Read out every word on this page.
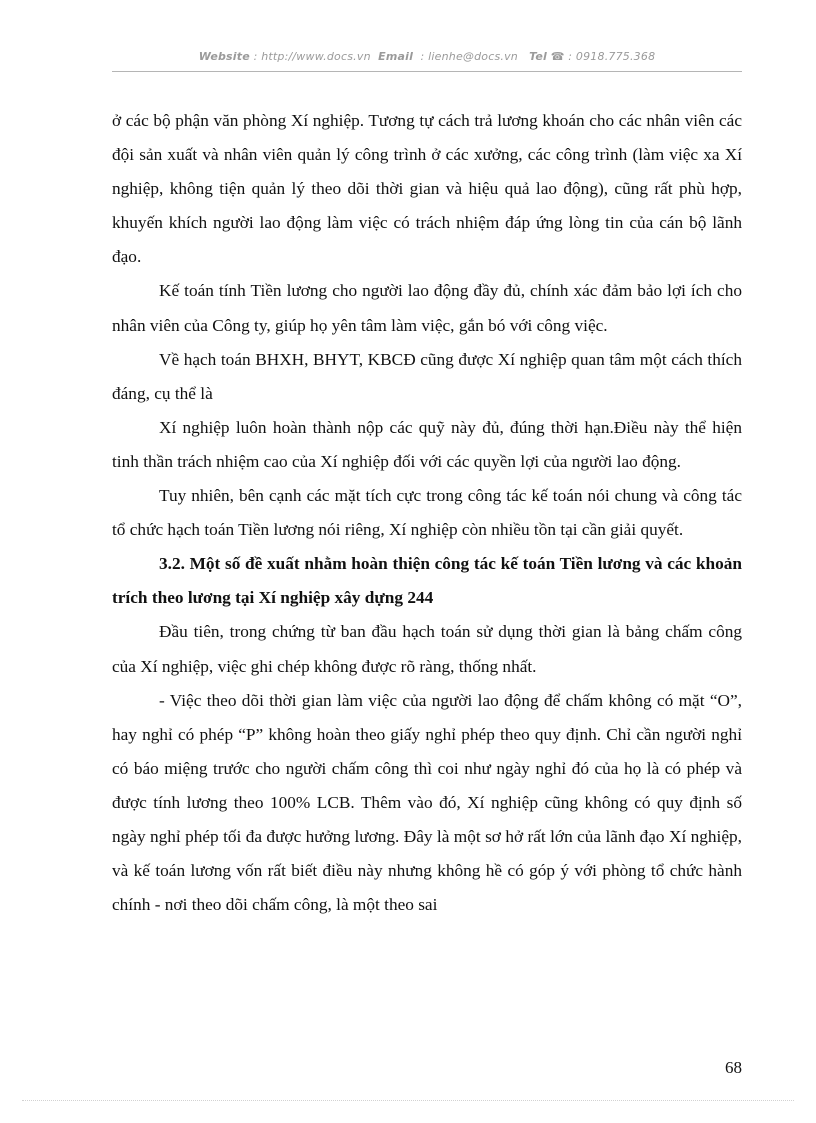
Website : http://www.docs.vn Email : lienhe@docs.vn Tel ☎ : 0918.775.368

ở các bộ phận văn phòng Xí nghiệp. Tương tự cách trả lương khoán cho các nhân viên các đội sản xuất và nhân viên quản lý công trình ở các xưởng, các công trình (làm việc xa Xí nghiệp, không tiện quản lý theo dõi thời gian và hiệu quả lao động), cũng rất phù hợp, khuyến khích người lao động làm việc có trách nhiệm đáp ứng lòng tin của cán bộ lãnh đạo.

Kế toán tính Tiền lương cho người lao động đầy đủ, chính xác đảm bảo lợi ích cho nhân viên của Công ty, giúp họ yên tâm làm việc, gắn bó với công việc.

Về hạch toán BHXH, BHYT, KBCĐ cũng được Xí nghiệp quan tâm một cách thích đáng, cụ thể là

Xí nghiệp luôn hoàn thành nộp các quỹ này đủ, đúng thời hạn.Điều này thể hiện tinh thần trách nhiệm cao của Xí nghiệp đối với các quyền lợi của người lao động.

Tuy nhiên, bên cạnh các mặt tích cực trong công tác kế toán nói chung và công tác tổ chức hạch toán Tiền lương nói riêng, Xí nghiệp còn nhiều tồn tại cần giải quyết.

3.2. Một số đề xuất nhằm hoàn thiện công tác kế toán Tiền lương và các khoản trích theo lương tại Xí nghiệp xây dựng 244

Đầu tiên, trong chứng từ ban đầu hạch toán sử dụng thời gian là bảng chấm công của Xí nghiệp, việc ghi chép không được rõ ràng, thống nhất.

- Việc theo dõi thời gian làm việc của người lao động để chấm không có mặt “O”, hay nghỉ có phép “P” không hoàn theo giấy nghỉ phép theo quy định. Chỉ cần người nghỉ có báo miệng trước cho người chấm công thì coi như ngày nghỉ đó của họ là có phép và được tính lương theo 100% LCB. Thêm vào đó, Xí nghiệp cũng không có quy định số ngày nghỉ phép tối đa được hưởng lương. Đây là một sơ hở rất lớn của lãnh đạo Xí nghiệp, và kế toán lương vốn rất biết điều này nhưng không hề có góp ý với phòng tổ chức hành chính - nơi theo dõi chấm công, là một theo sai

68
